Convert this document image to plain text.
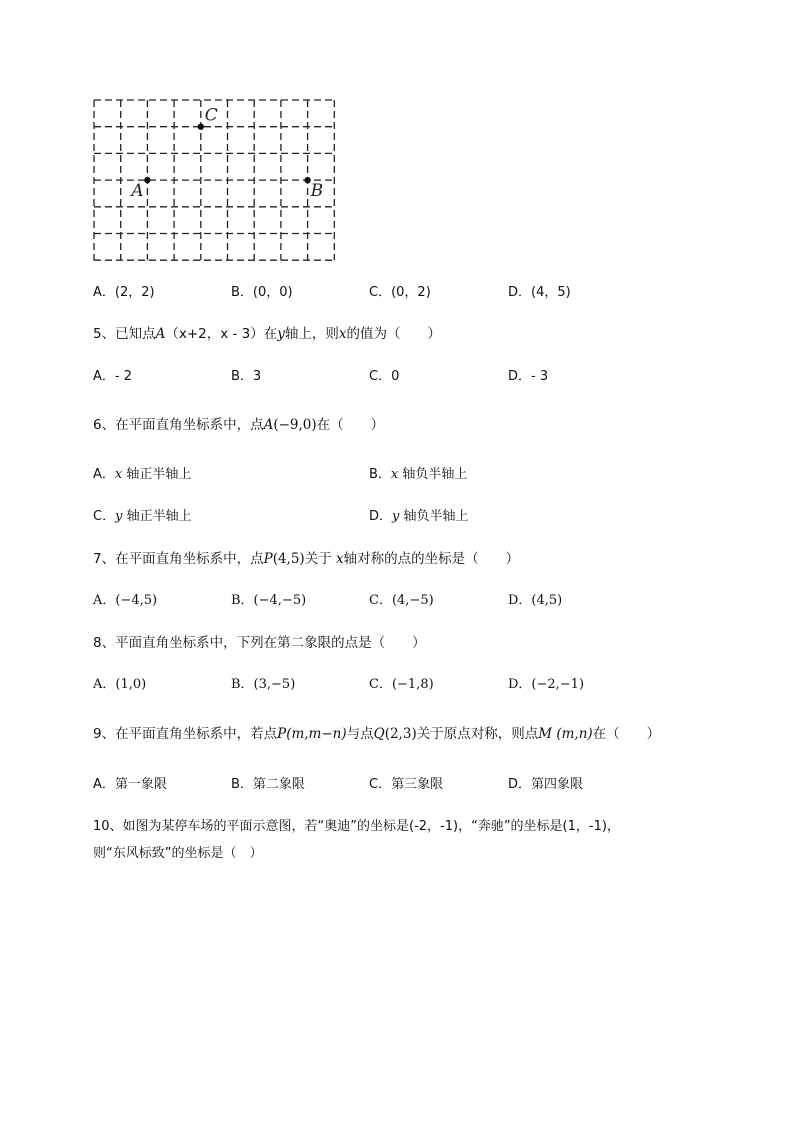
C
A	B
A．(2，2)	B．(0，0)	C．(0，2)	D．(4，5)
5、已知点A（x+2，x - 3）在y轴上，则x的值为（　　）
A．- 2	B．3	C．0	D．- 3
6、在平面直角坐标系中，点A(−9,0)在（　　）
A．x 轴正半轴上	B．x 轴负半轴上
C．y 轴正半轴上	D．y 轴负半轴上
7、在平面直角坐标系中，点P(4,5)关于 x轴对称的点的坐标是（　　）
A．(−4,5)	B．(−4,−5)	C．(4,−5)	D．(4,5)
8、平面直角坐标系中，下列在第二象限的点是（　　）
A．(1,0)	B．(3,−5)	C．(−1,8)	D．(−2,−1)
9、在平面直角坐标系中，若点P(m,m−n)与点Q(2,3)关于原点对称，则点M (m,n)在（　　）
A．第一象限	B．第二象限	C．第三象限	D．第四象限
10、如图为某停车场的平面示意图，若“奥迪”的坐标是(-2，-1)，“奔驰”的坐标是(1，-1)，
则“东风标致”的坐标是（　）
